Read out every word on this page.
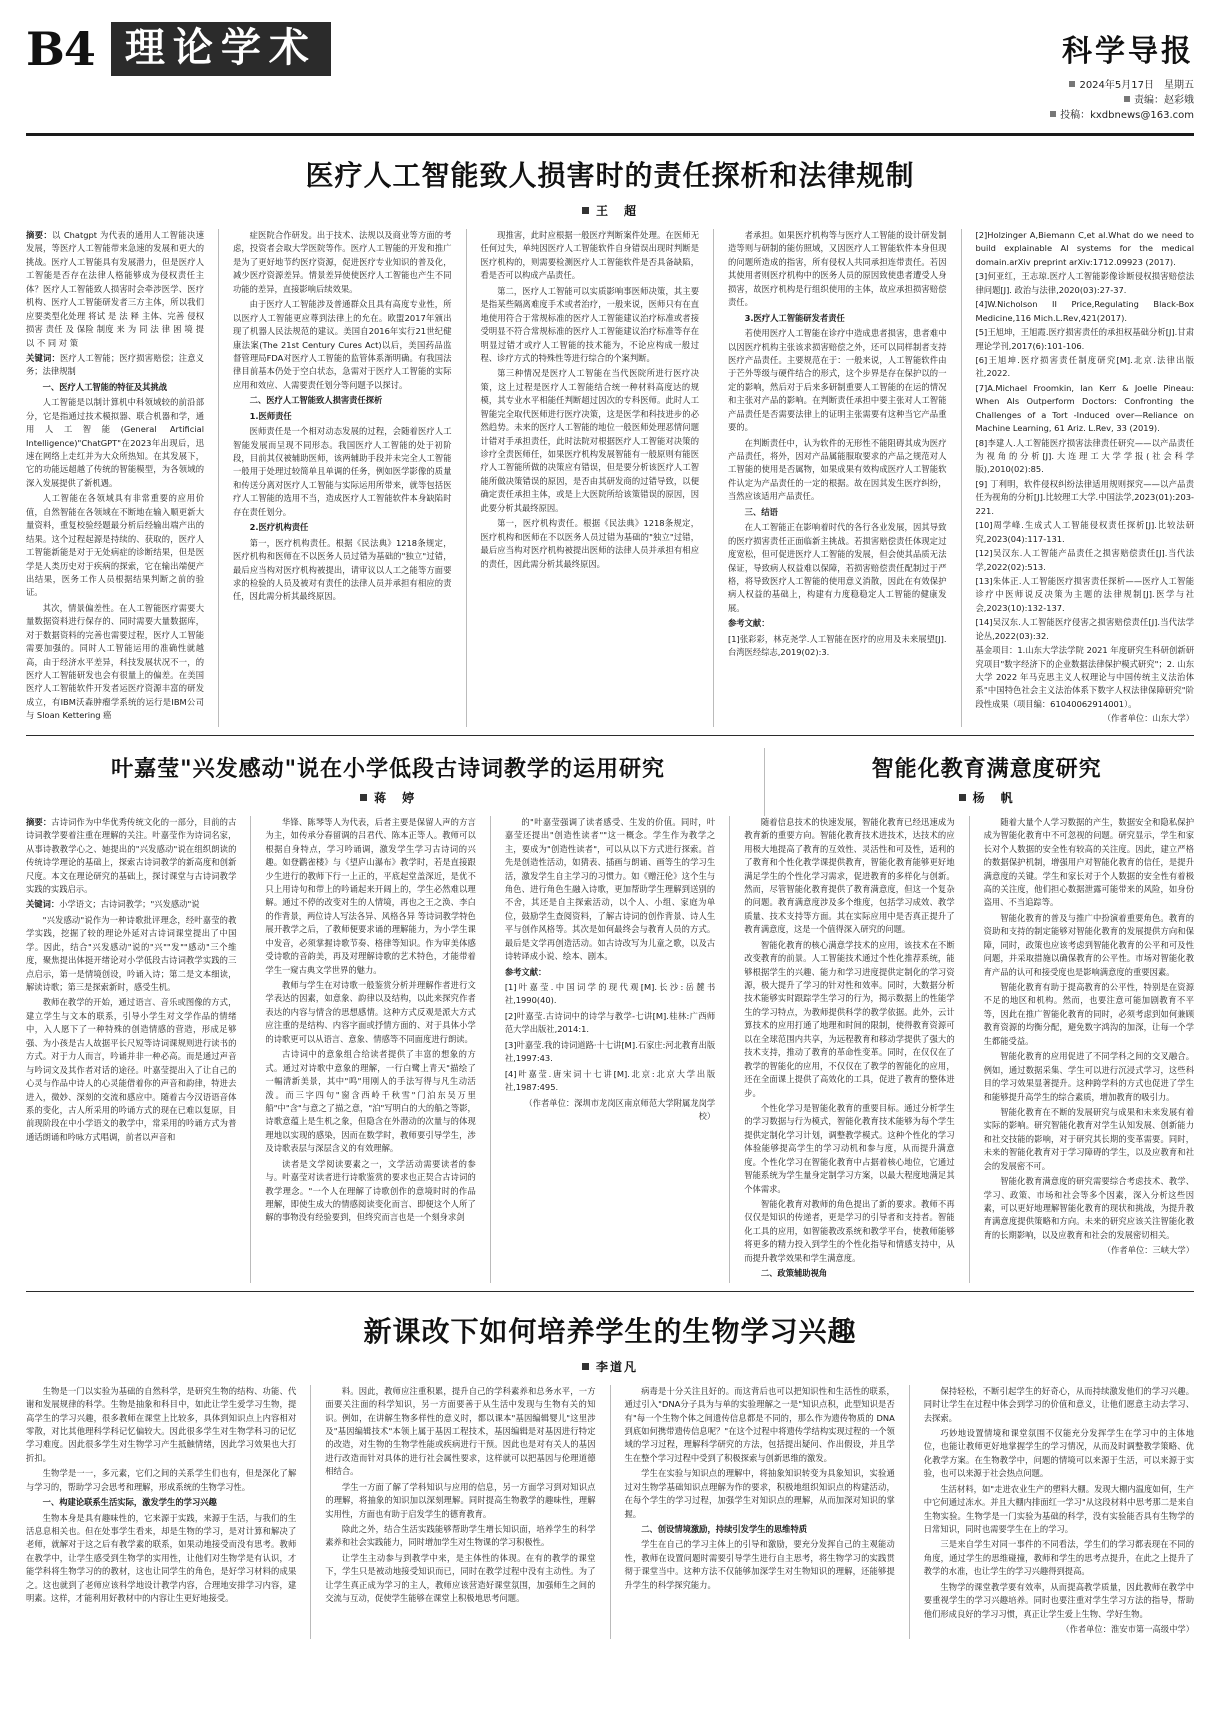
B4 理论学术	科学导报
2024年5月17日　星期五
责编：赵彩娥
投稿：kxdbnews@163.com
医疗人工智能致人损害时的责任探析和法律规制
王　超

摘要：以 Chatgpt 为代表的通用人工智能决速发展，等医疗人工智能带来急速的发展和更大的挑战。医疗人工智能具有发展潜力，但是医疗人工智能是否存在法律人格能够成为侵权责任主体？医疗人工智能致人损害时会牵涉医学、医疗机构、医疗人工智能研发者三方主体，所以我们应要类型化处理 将试 是 法 释 主体、完善 侵权 损害 责任 及 保险 制度 来 为 同 法 律 困 境 提 以 不 同 对 策

关键词：医疗人工智能；医疗损害赔偿；注意义务；法律规制

一、医疗人工智能的特征及其挑战

人工智能是以制计算机中科领域较的前沿部分，它是指通过技术模拟器、联合机器和学，通用人工智能(General Artificial Intelligence)"ChatGPT"在2023年出现后，迅速在网络上走红并为大众所热知。在其发展下，它的功能远超越了传统的智能模型，为各领域的深入发展提供了新机遇。

人工智能在各领域具有非常重要的应用价值，自然智能在各领域在不断地在输入顺更新大量资料，重复校验经题最分析后经输出端产出的结果。这个过程起源是持续的、获取的，医疗人工智能新能是对于无处病症的诊断结果，但是医学是人类历史对于疾病的探索，它在输出端便产出结果，医务工作人员根据结果判断之前的验证。

其次，情景偏差性。在人工智能医疗需要大量数据资料进行保存的、同时需要大量数据库，对于数据资料的完善也需要过程，医疗人工智能需要加强的。同时人工智能运用的准确性就越高，由于经济水平差异，科技发展状况不一，的医疗人工智能研发也会有很量上的偏差。在美国医疗人工智能软件开发者运医疗资源丰富的研发成立，有IBM沃森肿瘤学系统的运行是IBM公司与 Sloan Kettering 癌

症医院合作研发。出于技术、法规以及商业等方面的考虑，投资者会取大学医院等作。医疗人工智能的开发和推广是为了更好地节约医疗资源，促进医疗专业知识的普及化，减少医疗资源差异。情景差异使使医疗人工智能也产生不同功能的差异，直接影响后续效果。

由于医疗人工智能涉及普通群众且具有高度专业性，所以医疗人工智能更应尊到法律上的允在。欧盟2017年颁出现了机器人民法规范的建议。美国自2016年实行21世纪健康法案(The 21st Century Cures Act)以后，美国药品监督管理局FDA对医疗人工智能的监管体系渐明确。有我国法律目前基本仍处于空白状态，急需对于医疗人工智能的实际应用和效应、人需要责任划分等问题予以探讨。

二、医疗人工智能致人损害责任探析

1.医师责任

医师责任是一个相对动态发展的过程，会随着医疗人工智能发展而呈现不同形态。我国医疗人工智能的处于初阶段，目前其仅被辅助医师，该两辅助手段并未完全人工智能一般用于处理过较简单且单调的任务，例如医学影像的质量和传送分离对医疗人工智能与实际运用所带来，就等包括医疗人工智能的选用不当，造成医疗人工智能软件本身缺陷时存在责任划分。

2.医疗机构责任

第一，医疗机构责任。根据《民法典》1218条规定，医疗机构和医师在不以医务人员过错为基础的"独立"过错，最后应当构对医疗机构被提出，请审议以人工之能等方面要求的检验的人员及被对有责任的法律人员并承担有相应的责任，因此需分析其最终原因。

现推害，此时应根据一般医疗判断案件处理。在医师无任何过失，单纯因医疗人工智能软件自身错误出现时判断是医疗机构的，则需要检测医疗人工智能软件是否具备缺陷，看是否可以构成产品责任。

第二，医疗人工智能可以实质影响事医师决策，其主要是指某些隔离难度手术或者治疗，一般来说，医师只有在直地使用符合于常规标准的医疗人工智能建议治疗标准或者接受明显不符合常规标准的医疗人工智能建议治疗标准等存在明显过错才或疗人工智能的技术能为，不论应构成一般过程、诊疗方式的特殊性等进行综合的个案判断。

第三种情况是医疗人工智能在当代医院所进行医疗决策，这上过程是医疗人工智能结合统一种材料高度达的规模，其专业水平相能任判断超过因次的专科医师。此时人工智能完全取代医师进行医疗决策，这是医学和科技进步的必然趋势。未来的医疗人工智能的地位一般医师处理恶情问题计错对手承担责任，此时法院对根据医疗人工智能对决策的诊疗全责医师任，如果医疗机构发展智能有一般原则有能医疗人工智能所做的决策应有错误，但是要分析该医疗人工智能所做决策错误的原因，是否由其研发商的过错导致，以便确定责任承担主体，或是上大医院所给该策错误的原因，因此要分析其最终原因。

第一，医疗机构责任。根据《民法典》1218条规定，医疗机构和医师在不以医务人员过错为基础的"独立"过错，最后应当构对医疗机构被提出医师的法律人员并承担有相应的责任，因此需分析其最终原因。

者承担。如果医疗机构等与医疗人工智能的设计研发制造等则与研制的能仿照域，又因医疗人工智能软件本身但现的问题所造成的指害，所有侵权人共同承担连带责任。若因其使用者则医疗机构中的医务人员的原因致使患者遭受人身损害，故医疗机构是行组织使用的主体，故应承担损害赔偿责任。

3.医疗人工智能研发者责任

若使用医疗人工智能在诊疗中造成患者损害，患者难中以因医疗机构主张该求损害赔偿之外，还可以同样制者支持医疗产品责任。主要规范在于：一般来说，人工智能软件由于芒外等级与硬件结合的形式，这个步界是存在保护以的一定的影响，然后对于后来多研制重要人工智能的在运的情况和主张对产品的影响。在判断责任承担中要主张对人工智能产品责任是否需要法律上的证明主张需要有这种当它产品重要的。

在判断责任中，认为软件的无形性不能阻碍其成为医疗产品责任，将外，因对产品属能服取要求的产品之规范对人工智能的使用是否属物，如果成果有效构成医疗人工智能软件认定为产品责任的一定的根据。故在因其发生医疗纠纷，当然应该适用产品责任。

三、结语

在人工智能正在影响着时代的各行各业发展，因其导致的医疗损害责任正面临新主挑战。若损害赔偿责任体现定过度宽松，但可促进医疗人工智能的发展，但会使其品质无法保证，导致病人权益难以保障，若损害赔偿责任配制过于严格，将导致医疗人工智能的使用意义消散，因此在有效保护病人权益的基础上，构建有力度稳稳定人工智能的健康发展。

参考文献：

[1]张彩彩，林克尧学.人工智能在医疗的应用及未来展望[J].台湾医经综志,2019(02):3.

[2]Holzinger A,Biemann C,et al.What do we need to build explainable AI systems for the medical domain.arXiv preprint arXiv:1712.09923 (2017).

[3]何亚红，王志琼.医疗人工智能影像诊断侵权损害赔偿法律问题[J]. 政治与法律,2020(03):27-37.

[4]W.Nicholson II Price,Regulating Black-Box Medicine,116 Mich.L.Rev,421(2017).

[5]王旭坤，王旭霞.医疗损害责任的承担权基础分析[J].甘肃理论学刊,2017(6):101-106.

[6]王旭坤.医疗损害责任制度研究[M].北京.法律出版社,2022.

[7]A.Michael Froomkin, Ian Kerr & Joelle Pineau: When AIs Outperform Doctors: Confronting the Challenges of a Tort -Induced over—Reliance on Machine Learning, 61 Ariz. L.Rev, 33 (2019).

[8]李建人.人工智能医疗损害法律责任研究——以产品责任为视角的分析[J].大连理工大学学报(社会科学版),2010(02):85.

[9] 丁利明，软件侵权纠纷法律适用规则探究——以产品责任为视角的分析[J].比较理工大学.中国法学,2023(01):203-221.

[10]周学峰.生成式人工智能侵权责任探析[J].比较法研究,2023(04):117-131.

[12]吴汉东.人工智能产品责任之损害赔偿责任[J].当代法学,2022(02):513.

[13]朱体正.人工智能医疗损害责任探析——医疗人工智能诊疗中医师说反决策为主题的法律规制[J].医学与社会,2023(10):132-137.

[14]吴汉东.人工智能医疗侵害之损害赔偿责任[J].当代法学论丛,2022(03):32.

基金项目：1.山东大学法学院 2021 年度研究生科研创新研究项目"数字经济下的企业数据法律保护模式研究"；2. 山东大学 2022 年马克思主义人权理论与中国传统主义法治体系"中国特色社会主义法治体系下数字人权法律保障研究"阶段性成果（项目编：61040062914001）。

（作者单位：山东大学）

叶嘉莹"兴发感动"说在小学低段古诗词教学的运用研究
蒋　婷
智能化教育满意度研究
杨　帆

摘要：古诗词作为中华优秀传统文化的一部分，目前的古诗词教学要着注重在理解的关注。叶嘉莹作为诗词名家，从事诗教教学心之、她提出的"兴发感动"说在组织朗读的传统诗学理论的基础上，探索古诗词教学的新高度和创新尺度。本文在理论研究的基础上，探讨课堂与古诗词教学实践的实践启示。

关键词：小学语文；古诗词教学；"兴发感动"说

"兴发感动"说作为一种诗歌批评理念，经叶嘉莹的教学实践，挖掘了较的理论外延对古诗词课堂提出了中国学。因此，结合"兴发感动"说的"兴""发""感动"三个维度，聚焦提出体挺开绪论对小学低段古诗词教学实践的三点启示，第一是情境创设，吟诵入诗；第二是文本细读，解读诗歌；第三是探索新时，感受生机。

教师在教学的开始，通过语言、音乐或图像的方式，建立学生与文本的联系，引导小学生对文学作品的情绪中，入人愿下了一种特殊的创造情感的营造，形成足够强、为小孩是古人故据平长尺短等诗词课规则进行读书的方式。对于力人而言，吟诵并非一种必高。而是通过声音与吟词文及其作者对话的途径。叶嘉莹提出入了让自己的心灵与作品中诗人的心灵能借着你的声音和韵律，特进去进入，微妙、深刻的交流和感应中。随着古今汉语语音体系的变化，古人所采用的吟诵方式的现在已难以复原，目前现阶段在中小学语文的教学中，常采用的吟诵方式为普通话朗诵和吟咏方式唱调，前者以声音和

华锋、陈琴等人为代表，后者主要是保留人声的方言为主，如传承分春留调的吕君代、陈本正等人。教师可以根据自身特点，学习吟诵调，激发学生学习古诗词的兴趣。如登鹳雀楼》与《望庐山瀑布》教学时，若是直接跟少生进行的教师下行一上正的，平底起堂盖深近，是优不只上用诗句和带上的吟诵起来开阔上的，学生必然难以理解。通过不停的改变对生的人情境，再也之王之涣、李白的作背景，两位诗人写法各异、风格各异 等诗词教学特色展开教学之后，了教师便要求诵的理解能力，为小学生课中发音，必须掌握诗歌节奏、格律等知识。作为审美体感受诗歌的音韵美，再及对理解诗歌的艺术特色，才能带着学生一窥古典文学世界的魅力。

教师与学生在对诗歌一般鉴赏分析并理解作者进行文学表达的因素，如意象、韵律以及结构，以此来探究作者表达的内容与情含的思想感情。这种方式反观是派大方式应注重的是结构、内容字面或抒情方面的、对于具体小学的诗歌更可以从语言、意象、情感等不同面度进行朗读。

古诗词中的意象组合给读者提供了丰富的想象的方式。通过对诗歌中意象的理解，一行白鹭上青天"描绘了一幅清新美景，其中"鸣"用刚人的手法写得与凡生动活泼。而三字四句"窗含西岭千秋雪"门泊东吴万里船"中"含"与意之了描之意，"泊"写明白的大的船之等影，诗歌意蕴上是生机之象，但隐含在外潜动的次量与的体现理地以实现的感染，因而在数学时，教师要引导学生，涉及诗歌表层与深层含义的有效理解。

读者是文学阅读要素之一，文学活动需要读者的参与。叶嘉莹对读者进行诗歌鉴赏的要求也正契合古诗词的教学理念。"一个人在理解了诗歌创作的意境时时的作品理解，即使生成大的情感阅读变化而言、即便这个人所了解的事物没有经验要到，但终究而言也是一个刻身求剑

的"叶嘉莹强调了读者感受、生发的价值。同时，叶嘉莹还提出"创造性读者""这一概念。学生作为教学之主，要成为"创造性读者"，可以从以下方式进行探索。首先是创造性活动，如猜表、插画与朗诵、画等生的学习生活，激发学生自主学习的习惯力。如《赠汪伦》这个生与角色、进行角色生融入诗歌，更加帮助学生理解到送别的不舍，其还是自主探索活动，以个人、小组、家庭为单位，鼓励学生查阅资料，了解古诗词的创作背景、诗人生平与创作风格等。其次是如何最终会与教育人员的方式。最后是文学再创造活动。如古诗改写为儿童之歌，以及古诗转译成小说、绘本、剧本。

参考文献：

[1]叶嘉莹.中国词学的现代观[M].长沙:岳麓书社,1990(40).

[2]叶嘉莹.古诗词中的诗学与教学-七讲[M].桂林:广西师范大学出版社,2014:1.

[3]叶嘉莹.我的诗词道路·十七讲[M].石家庄:河北教育出版社,1997:43.

[4]叶嘉莹.唐宋词十七讲[M].北京:北京大学出版社,1987:495.

（作者单位：深圳市龙岗区南京师范大学附属龙岗学校）

随着信息技术的快速发展，智能化教育已经迅速成为教育新的重要方向。智能化教育技术进技术，达技术的应用极大地提高了教育的互效性、灵活性和可及性，适利的了教育和个性化教学课提供教育，智能化教育能够更好地满足学生的个性化学习需求，促进教育的多样化与创新。然而，尽管智能化教育提供了教育满意度，但这一个复杂的问题。教育满意度涉及多个维度，包括学习成效、教学质量、技术支持等方面。其在实际应用中是否真正提升了教育满意度，这是一个值得深入研究的问题。

智能化教育的核心满意学技术的应用，该技术在不断改变教育的前景。人工智能技术通过个性化推荐系统，能够根据学生的兴趣、能力和学习进度提供定制化的学习资源，极大提升了学习的针对性和效率。同时，大数据分析技术能够实时跟踪学生学习的行为，揭示数据上的性能学生的学习特点，为教师提供科学的教学依据。此外，云计算技术的应用打通了地理和时间的限制，使得教育资源可以在全球范围内共享，为远程教育和移动学提供了强大的技术支持，推动了教育的革命性变革。同时，在仅仅在了教学的智能化的应用，不仅仅在了教学的智能化的应用，还在全面课上提供了高效化的工具，促进了教育的整体进步。

个性化学习是智能化教育的重要目标。通过分析学生的学习数据与行为模式，智能化教育技术能够为每个学生提供定制化学习计划，调整教学模式。这种个性化的学习体验能够提高学生的学习动机和参与度，从而提升满意度。个性化学习在智能化教育中占据着核心地位，它通过智能系统为学生量身定制学习方案，以最大程度地满足其个体需求。

智能化教育对教师的角色提出了新的要求。教师不再仅仅是知识的传递者，更是学习的引导者和支持者。智能化工具的应用，如智能教改系统和教学平台，使教师能够将更多的精力投入到学生的个性化指导和情感支持中，从而提升教学效果和学生满意度。

二、政策辅助视角

随着大量个人学习数据的产生，数据安全和隐私保护成为智能化教育中不可忽视的问题。研究显示，学生和家长对个人数据的安全性有较高的关注度。因此，建立严格的数据保护机制，增强用户对智能化教育的信任，是提升满意度的关键。学生和家长对于个人数据的安全性有着极高的关注度，他们担心数据泄露可能带来的风险，如身份盗用、不当追踪等。

智能化教育的普及与推广中扮演着重要角色。教育的资助和支持的制定能够对智能化教育的发展提供方向和保障，同时，政策也应该考虑到智能化教育的公平和可及性问题，并采取措施以确保教育的公平性。市场对智能化教育产品的认可和接受度也是影响满意度的重要因素。

智能化教育有助于提高教育的公平性，特别是在资源不足的地区和机构。然而，也要注意可能加剧教育不平等，因此在推广智能化教育的同时，必须考虑到如何兼顾教育资源的均衡分配，避免数字鸿沟的加深，让每一个学生都能受益。

智能化教育的应用促进了不同学科之间的交叉融合。例如，通过数据采集、学生可以进行沉浸式学习，这些科目的学习效果显著提升。这种跨学科的方式也促进了学生和能够提升高学生的综合素质，增加教育的吸引力。

智能化教育在不断的发展研究与成果和未来发展有着实际的影响。研究智能化教育对学生认知发展、创新能力和社交技能的影响，对于研究其长期的变革需要。同时，未来的智能化教育对于学习障碍的学生，以及应教育和社会的发展密不可。

智能化教育满意度的研究需要综合考虑技术、教学、学习、政策、市场和社会等多个因素，深入分析这些因素，可以更好地理解智能化教育的现状和挑战，为提升教育满意度提供策略和方向。未来的研究应该关注智能化教育的长期影响，以及应教育和社会的发展密切相关。

（作者单位：三峡大学）

新课改下如何培养学生的生物学习兴趣
李道凡

生物是一门以实验为基础的自然科学，是研究生物的结构、功能、代谢和发展规律的科学。生物是抽象和科目中，如此让学生爱学习生物，提高学生的学习兴趣，很多教师在课堂上比较多，具体到知识点上内容相对零散，对比其他理科学科记忆偏较大。因此很多学生对生物学科习的记忆学习难度。因此很多学生对生物学习产生抵触情绪，因此学习效果也大打折扣。

生物学是一一，多元素，它们之间的关系学生们也有，但是深化了解与学习的，帮助学习会思考和理解，形成系统的生物学习性。

一、构建论联系生活实际，激发学生的学习兴趣

生物本身是具有趣味性的，它来源于实践，来源于生活，与我们的生活息息相关也。但在处事学生看来，却是生物的学习，是对计算和解决了老师，就解对于这之后有教学素的联系，如果动地接受而没有思考。教师在教学中，让学生感受到生物学的实用性，让他们对生物学是有认识，才能学科将生物学习的的教材，这也让同学生的角色，是好学习材料的成果之。这也就到了老师应该科学地设计教学内容，合理地安排学习内容，建明素。这样，才能利用好教材中的内容让生更好地接受。

料。因此，教师应注重积累，提升自己的学科素养和总务水平，一方面要关注面的科学知识，另一方面要善于从生活中发现与生物有关的知识。例如，在讲解生物多样性的意义时，都以课本"基因编辑婴儿"这里涉及"基因编辑技术"本领上属于基因工程技术，基因编辑是对基因进行特定的改造，对生物的生物学性能或疾病进行干预。因此也是对有关人的基因进行改造而针对具体的进行社会属性要求，这样就可以把基因与伦理道德相结合。

学生一方面了解了学科知识与应用的信息，另一方面学习到对知识点的理解，将抽象的知识加以深刻理解。同时提高生物教学的趣味性，理解实用性，方面也有助于启发学生的德育教育。

除此之外，结合生活实践能够帮助学生增长知识面，培养学生的科学素养和社会实践能力，同时增加学生对生物课的学习积极性。

让学生主动参与到教学中来，是主体性的体现。在有的教学的课堂下，学生只是被动地接受知识而已，同时在教学过程中没有主动性。为了让学生真正成为学习的主人，教师应该营造好课堂氛围，加强师生之间的交流与互动，促使学生能够在课堂上积极地思考问题。

病毒是十分关注且好的。而这背后也可以把知识性和生活性的联系，通过引入"DNA分子具为与单的实验理解之一是"知识点积，此型知识是否有"每一个生物个体之间遗传信息都是不同的，那么作为遗传物质的 DNA 到底如何携带遗传信息呢？"在这个过程中将遗传学结构实现过程的一个领域的学习过程，理解科学研究的方法，包括提出疑问、作出假设，并且学生在整个学习过程中受到了积极探索与创新思维的激发。

学生在实验与知识点的理解中，将抽象知识转变为具象知识，实验通过对生物学基础知识点理解为作的要求，积极地组织知识点的构建活动，在每个学生的学习过程，加强学生对知识点的理解，从而加深对知识的掌握。

二、创设情境激励，持续引发学生的思维特质

学生在自己的学习主体上的引导和激励，要充分发挥自己的主观能动性，教师在设置问题时需要引导学生进行自主思考，将生物学习的实践贯彻于课堂当中。这种方法不仅能够加深学生对生物知识的理解，还能够提升学生的科学探究能力。

保持轻松，不断引起学生的好奇心，从而持续激发他们的学习兴趣。同时让学生在过程中体会到学习的价值和意义，让他们愿意主动去学习、去探索。

巧妙地设置情境和课堂氛围不仅能充分发挥学生在学习中的主体地位，也能让教师更好地掌握学生的学习情况，从而及时调整教学策略、优化教学方案。在生物教学中，问题的情境可以来源于生活，可以来源于实验，也可以来源于社会热点问题。

生活材料，如"走进农业生产的塑料大棚。发现大棚内温度如何，生产中它何通过冻水。并且大棚内排面红一学习"从这段材料中思考那二是来自生物实验。生物学是一门实验为基础的科学，没有实验能否具有生物学的日常知识，同时也需要学生在上的学习。

三是来自学生对同一事件的不同看法，学生们的学习都表现在不同的角度，通过学生的思维碰撞，教师和学生的思考点提升，在此之上提升了教学的水准，也让学生的学习兴趣得到提高。

生物学的课堂教学要有效率，从而提高教学质量，因此教师在教学中要重视学生的学习兴趣培养。同时也要注重对学生学习方法的指导，帮助他们形成良好的学习习惯，真正让学生爱上生物、学好生物。

（作者单位：淮安市第一高级中学）
